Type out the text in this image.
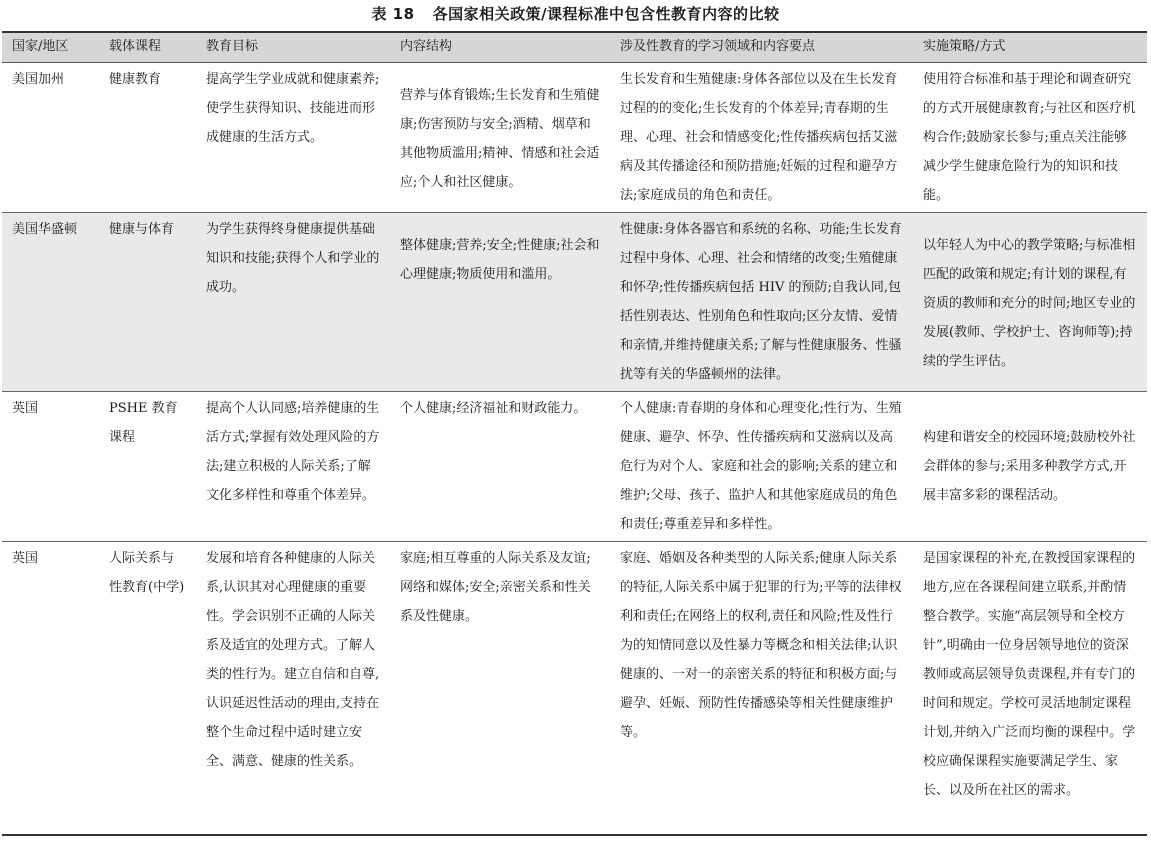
表 18 各国家相关政策/课程标准中包含性教育内容的比较
国家/地区	载体课程	教育目标	内容结构	涉及性教育的学习领域和内容要点	实施策略/方式
美国加州	健康教育	提高学生学业成就和健康素养;使学生获得知识、技能进而形成健康的生活方式。	营养与体育锻炼;生长发育和生殖健康;伤害预防与安全;酒精、烟草和其他物质滥用;精神、情感和社会适应;个人和社区健康。	生长发育和生殖健康:身体各部位以及在生长发育过程的的变化;生长发育的个体差异;青春期的生理、心理、社会和情感变化;性传播疾病包括艾滋病及其传播途径和预防措施;妊娠的过程和避孕方法;家庭成员的角色和责任。	使用符合标准和基于理论和调查研究的方式开展健康教育;与社区和医疗机构合作;鼓励家长参与;重点关注能够减少学生健康危险行为的知识和技能。
美国华盛顿	健康与体育	为学生获得终身健康提供基础知识和技能;获得个人和学业的成功。	整体健康;营养;安全;性健康;社会和心理健康;物质使用和滥用。	性健康:身体各器官和系统的名称、功能;生长发育过程中身体、心理、社会和情绪的改变;生殖健康和怀孕;性传播疾病包括 HIV 的预防;自我认同,包括性别表达、性别角色和性取向;区分友情、爱情和亲情,并维持健康关系;了解与性健康服务、性骚扰等有关的华盛顿州的法律。	以年轻人为中心的教学策略;与标准相匹配的政策和规定;有计划的课程,有资质的教师和充分的时间;地区专业的发展(教师、学校护士、咨询师等);持续的学生评估。
英国	PSHE 教育课程	提高个人认同感;培养健康的生活方式;掌握有效处理风险的方法;建立积极的人际关系;了解文化多样性和尊重个体差异。	个人健康;经济福祉和财政能力。	个人健康:青春期的身体和心理变化;性行为、生殖健康、避孕、怀孕、性传播疾病和艾滋病以及高危行为对个人、家庭和社会的影响;关系的建立和维护;父母、孩子、监护人和其他家庭成员的角色和责任;尊重差异和多样性。	构建和谐安全的校园环境;鼓励校外社会群体的参与;采用多种教学方式,开展丰富多彩的课程活动。
英国	人际关系与性教育(中学)	发展和培育各种健康的人际关系,认识其对心理健康的重要性。学会识别不正确的人际关系及适宜的处理方式。了解人类的性行为。建立自信和自尊,认识延迟性活动的理由,支持在整个生命过程中适时建立安全、满意、健康的性关系。	家庭;相互尊重的人际关系及友谊;网络和媒体;安全;亲密关系和性关系及性健康。	家庭、婚姻及各种类型的人际关系;健康人际关系的特征,人际关系中属于犯罪的行为;平等的法律权利和责任;在网络上的权利,责任和风险;性及性行为的知情同意以及性暴力等概念和相关法律;认识健康的、一对一的亲密关系的特征和积极方面;与避孕、妊娠、预防性传播感染等相关性健康维护等。	是国家课程的补充,在教授国家课程的地方,应在各课程间建立联系,并酌情整合教学。实施“高层领导和全校方针”,明确由一位身居领导地位的资深教师或高层领导负责课程,并有专门的时间和规定。学校可灵活地制定课程计划,并纳入广泛而均衡的课程中。学校应确保课程实施要满足学生、家长、以及所在社区的需求。
